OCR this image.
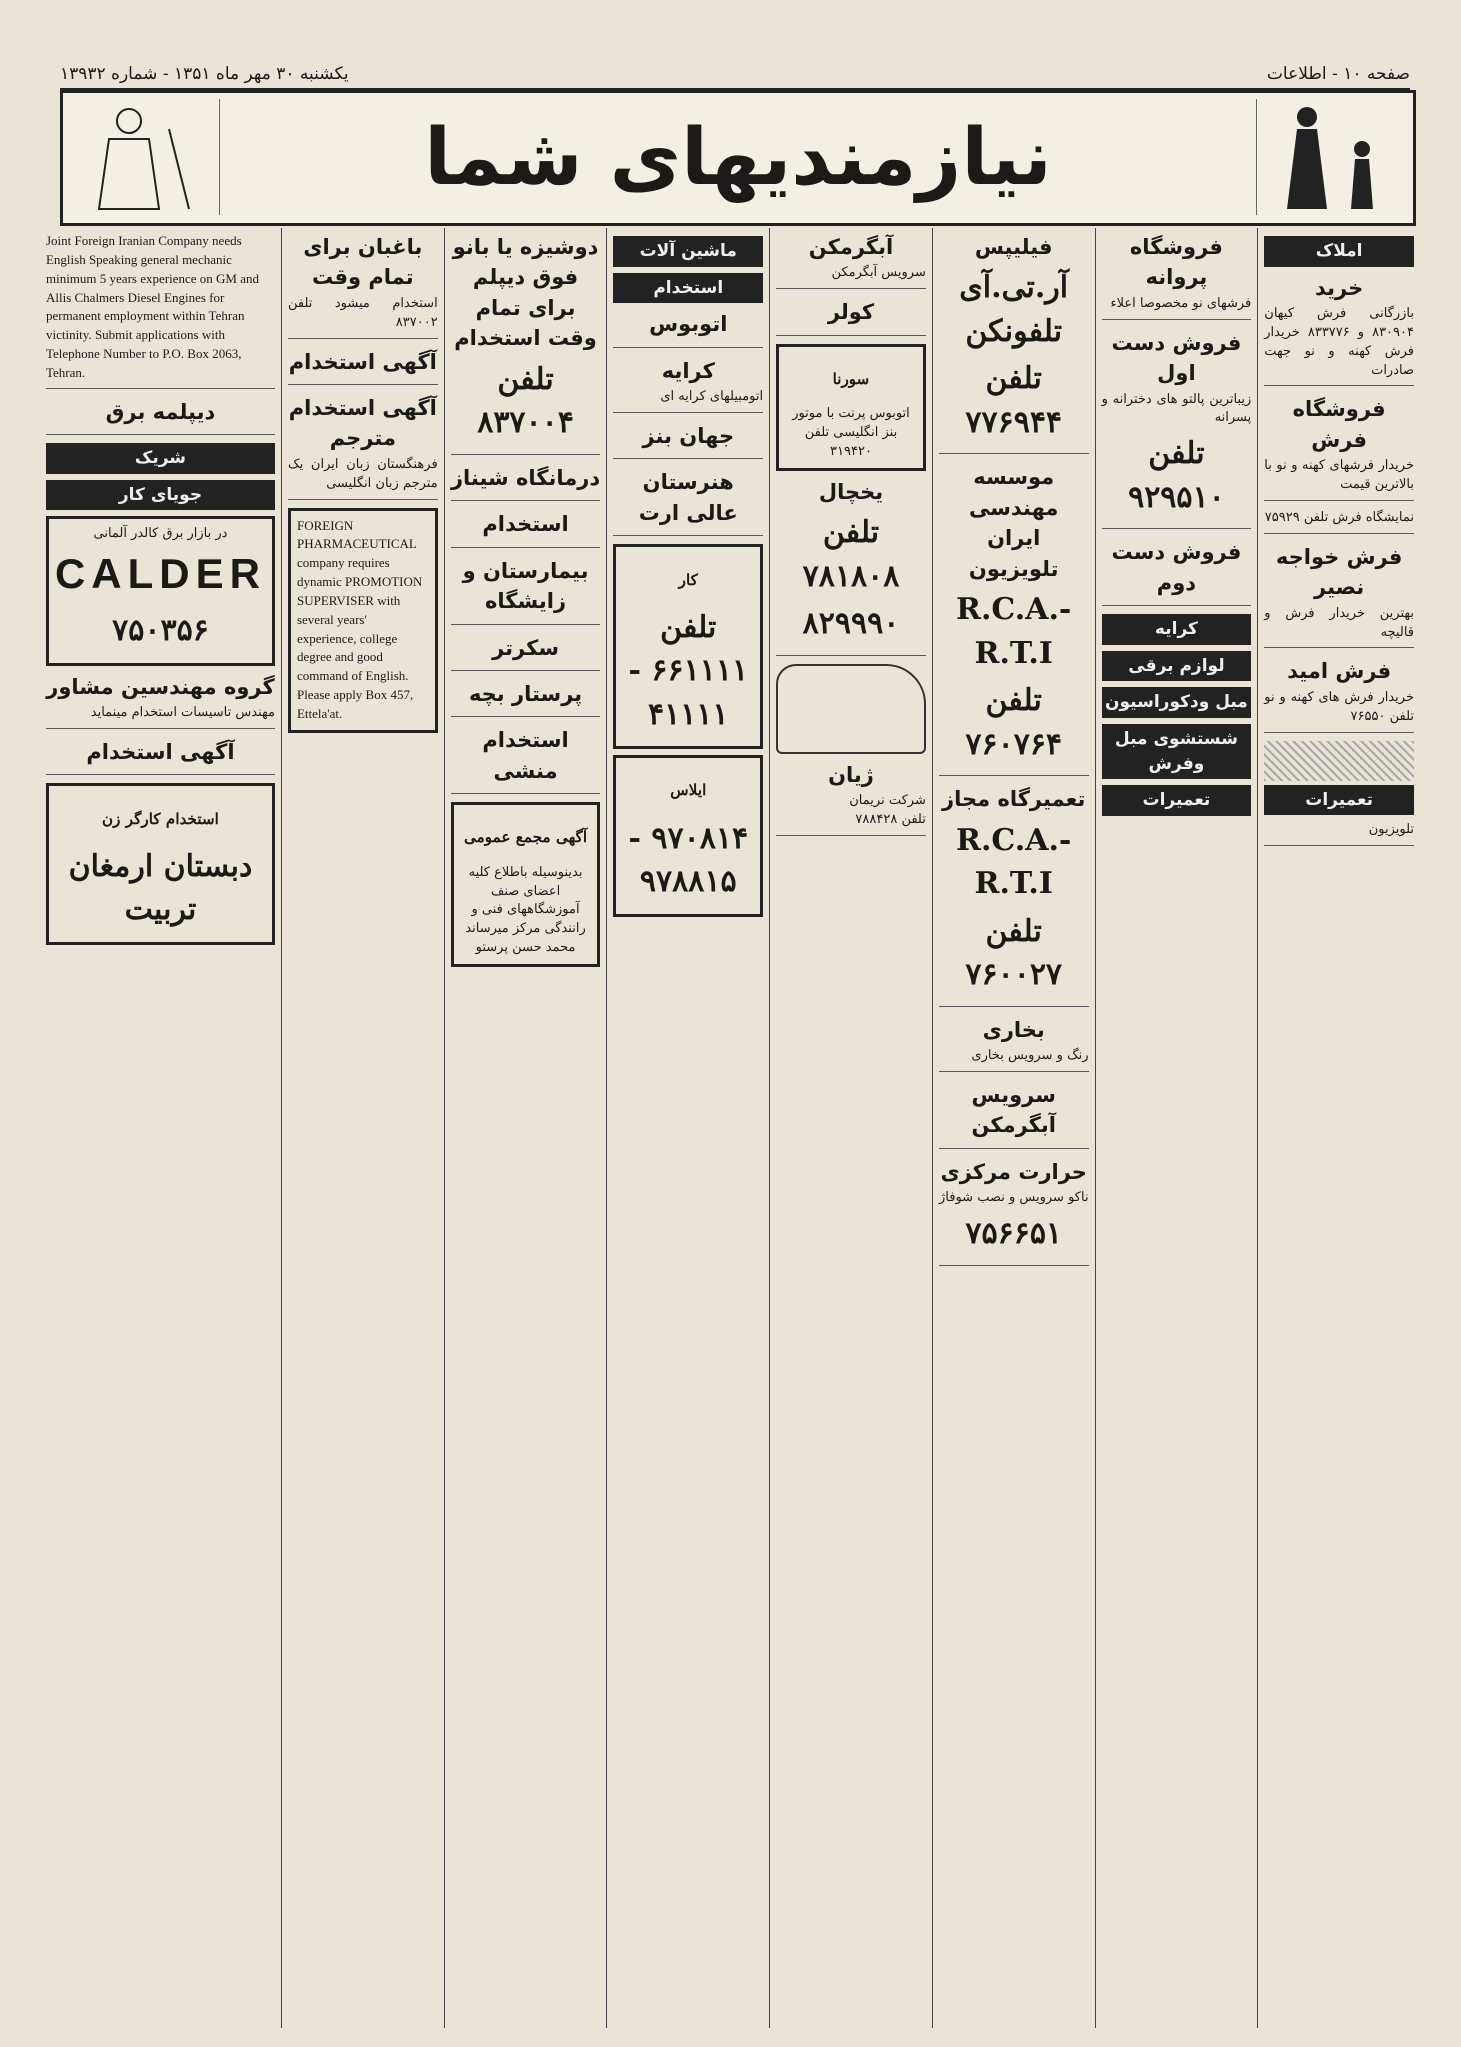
یکشنبه ۳۰ مهر ماه ۱۳۵۱ - شماره ۱۳۹۳۲	صفحه ۱۰ - اطلاعات
نیازمندیهای شما
املاک
خرید
بازرگانی فرش کیهان ۸۳۰۹۰۴ و ۸۳۳۷۷۶ خریدار فرش کهنه و نو جهت صادرات
فروشگاه فرش
خریدار فرشهای کهنه و نو با بالاترین قیمت
نمایشگاه فرش تلفن ۷۵۹۲۹
فرش خواجه نصیر
بهترین خریدار فرش و قالیچه
فرش امید
خریدار فرش های کهنه و نو تلفن ۷۶۵۵۰
تعمیرات
تلویزیون
فروشگاه پروانه
فرشهای نو مخصوصا اعلاء
فروش دست اول
زیباترین پالتو های دخترانه و پسرانه
تلفن ۹۲۹۵۱۰
فروش دست دوم
کرایه
لوازم برقی
مبل ودکوراسیون
شستشوی مبل وفرش
تعمیرات
فیلیپس
آر.تی.آی تلفونکن
تلفن ۷۷۶۹۴۴
موسسه مهندسی ایران تلویزیون
R.C.A.-R.T.I
تلفن ۷۶۰۷۶۴
تعمیرگاه مجاز
R.C.A.-R.T.I
تلفن ۷۶۰۰۲۷
بخاری
رنگ و سرویس بخاری
سرویس آبگرمکن
حرارت مرکزی
ناکو سرویس و نصب شوفاژ
۷۵۶۶۵۱
آبگرمکن
سرویس آبگرمکن
کولر
سورنا
اتوبوس پرنت با موتور بنز انگلیسی تلفن ۳۱۹۴۲۰
یخچال
تلفن ۷۸۱۸۰۸
۸۲۹۹۹۰
ژیان
شرکت نریمان
تلفن ۷۸۸۴۲۸
ماشین آلات
استخدام
اتوبوس
کرایه
اتومبیلهای کرایه ای
جهان بنز
هنرستان عالی ارت
کار
تلفن ۶۶۱۱۱۱ - ۴۱۱۱۱
ایلاس
۹۷۰۸۱۴ - ۹۷۸۸۱۵
دوشیزه یا بانو فوق دیپلم برای تمام وقت استخدام
تلفن ۸۳۷۰۰۴
درمانگاه شیناز
استخدام
بیمارستان و زایشگاه
سکرتر
پرستار بچه
استخدام منشی
آگهی مجمع عمومی
بدینوسیله باطلاع کلیه اعضای صنف آموزشگاههای فنی و رانندگی مرکز میرساند
محمد حسن پرستو
باغبان برای تمام وقت
استخدام میشود تلفن ۸۳۷۰۰۲
آگهی استخدام
آگهی استخدام مترجم
فرهنگستان زبان ایران یک مترجم زبان انگلیسی
FOREIGN PHARMACEUTICAL company requires dynamic PROMOTION SUPERVISER with several years' experience, college degree and good command of English. Please apply Box 457, Ettela'at.
Joint Foreign Iranian Company needs English Speaking general mechanic minimum 5 years experience on GM and Allis Chalmers Diesel Engines for permanent employment within Tehran victinity. Submit applications with Telephone Number to P.O. Box 2063, Tehran.
دیپلمه برق
شریک
جویای کار
در بازار برق کالدر آلمانی
CALDER
۷۵۰۳۵۶
گروه مهندسین مشاور
مهندس تاسیسات استخدام مینماید
آگهی استخدام
استخدام کارگر زن
دبستان ارمغان تربیت
